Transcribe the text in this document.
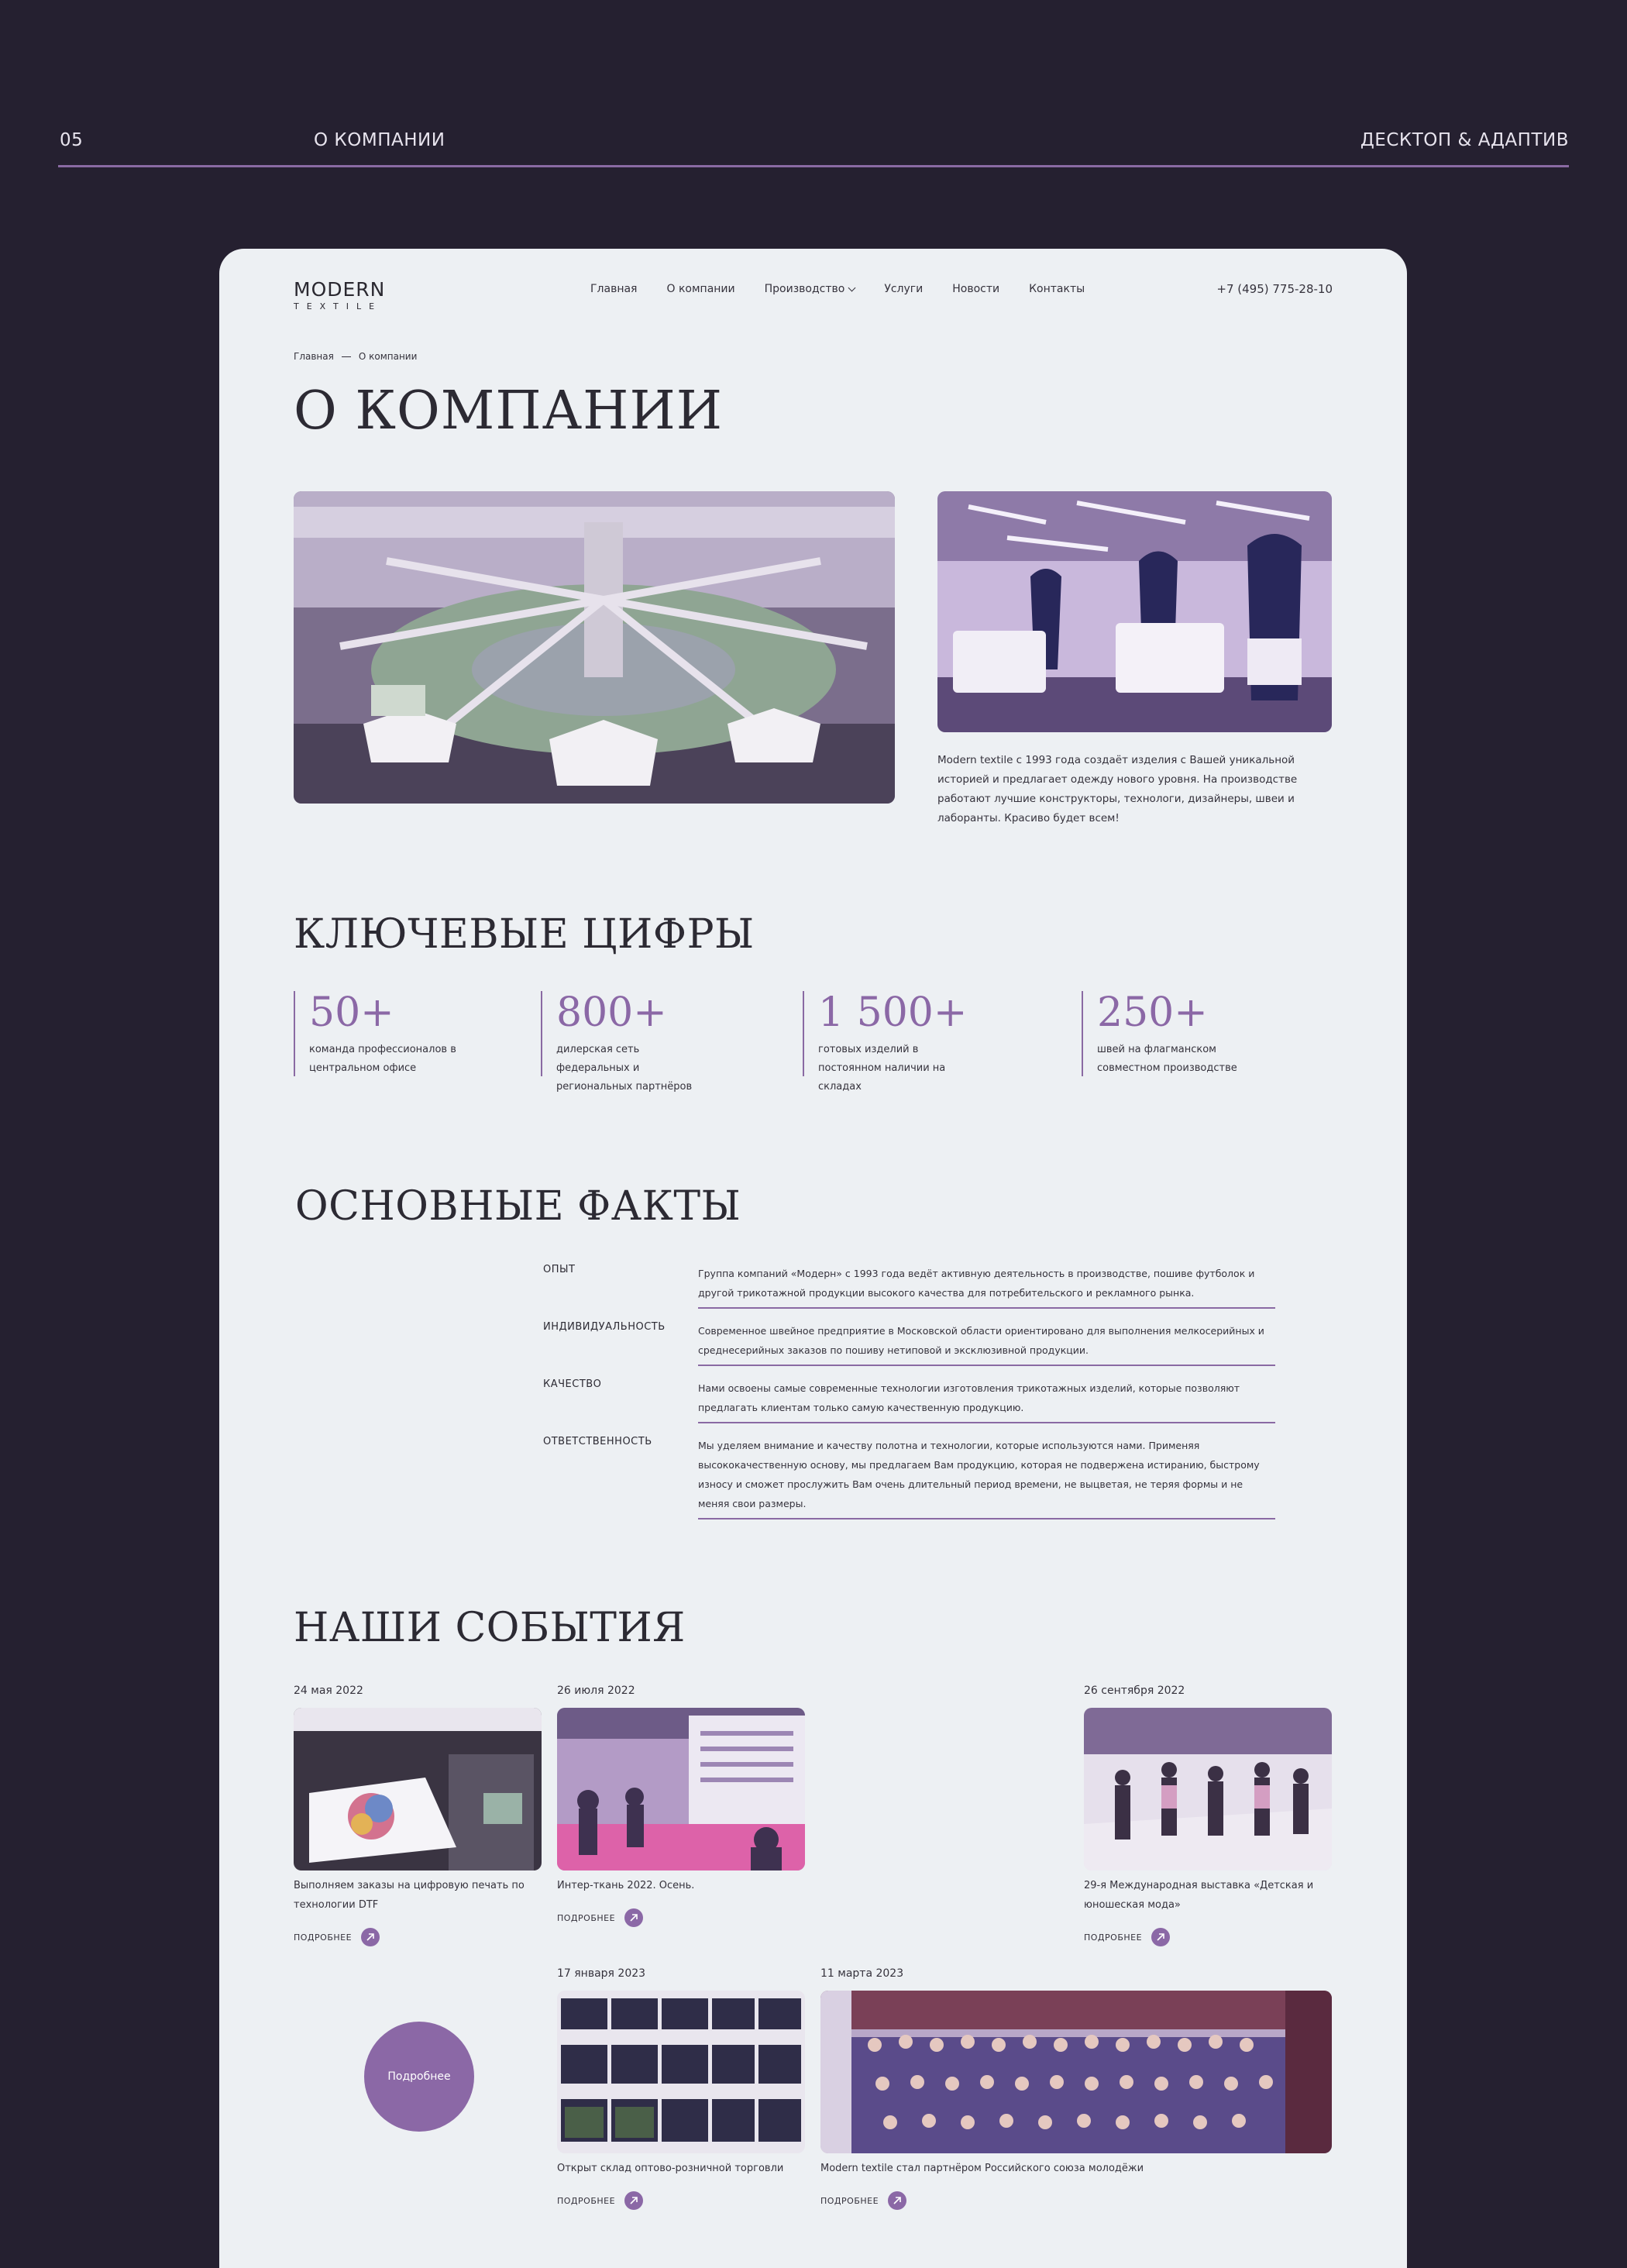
05	О КОМПАНИИ	ДЕСКТОП & АДАПТИВ
MODERN
TEXTILE
Главная	О компании	Производство	Услуги	Новости	Контакты	+7 (495) 775-28-10
Главная	О компании
О КОМПАНИИ

Modern textile с 1993 года создаёт изделия с Вашей уникальной историей и предлагает одежду нового уровня. На производстве работают лучшие конструкторы, технологи, дизайнеры, швеи и лаборанты. Красиво будет всем!

КЛЮЧЕВЫЕ ЦИФРЫ
50+
команда профессионалов в центральном офисе
800+
дилерская сеть федеральных и региональных партнёров
1 500+
готовых изделий в постоянном наличии на складах
250+
швей на флагманском совместном производстве
ОСНОВНЫЕ ФАКТЫ
ОПЫТ	Группа компаний «Модерн» с 1993 года ведёт активную деятельность в производстве, пошиве футболок и другой трикотажной продукции высокого качества для потребительского и рекламного рынка.

ИНДИВИДУАЛЬНОСТЬ	Современное швейное предприятие в Московской области ориентировано для выполнения мелкосерийных и среднесерийных заказов по пошиву нетиповой и эксклюзивной продукции.

КАЧЕСТВО	Нами освоены самые современные технологии изготовления трикотажных изделий, которые позволяют предлагать клиентам только самую качественную продукцию.

ОТВЕТСТВЕННОСТЬ	Мы уделяем внимание и качеству полотна и технологии, которые используются нами. Применяя высококачественную основу, мы предлагаем Вам продукцию, которая не подвержена истиранию, быстрому износу и сможет прослужить Вам очень длительный период времени, не выцветая, не теряя формы и не меняя свои размеры.

НАШИ СОБЫТИЯ
24 мая 2022

Выполняем заказы на цифровую печать по технологии DTF

ПОДРОБНЕЕ
26 июля 2022

Интер-ткань 2022. Осень.

ПОДРОБНЕЕ
26 сентября 2022

29-я Международная выставка «Детская и юношеская мода»

ПОДРОБНЕЕ
Подробнее
17 января 2023

Открыт склад оптово-розничной торговли

ПОДРОБНЕЕ
11 марта 2023

Modern textile стал партнёром Российского союза молодёжи

ПОДРОБНЕЕ
